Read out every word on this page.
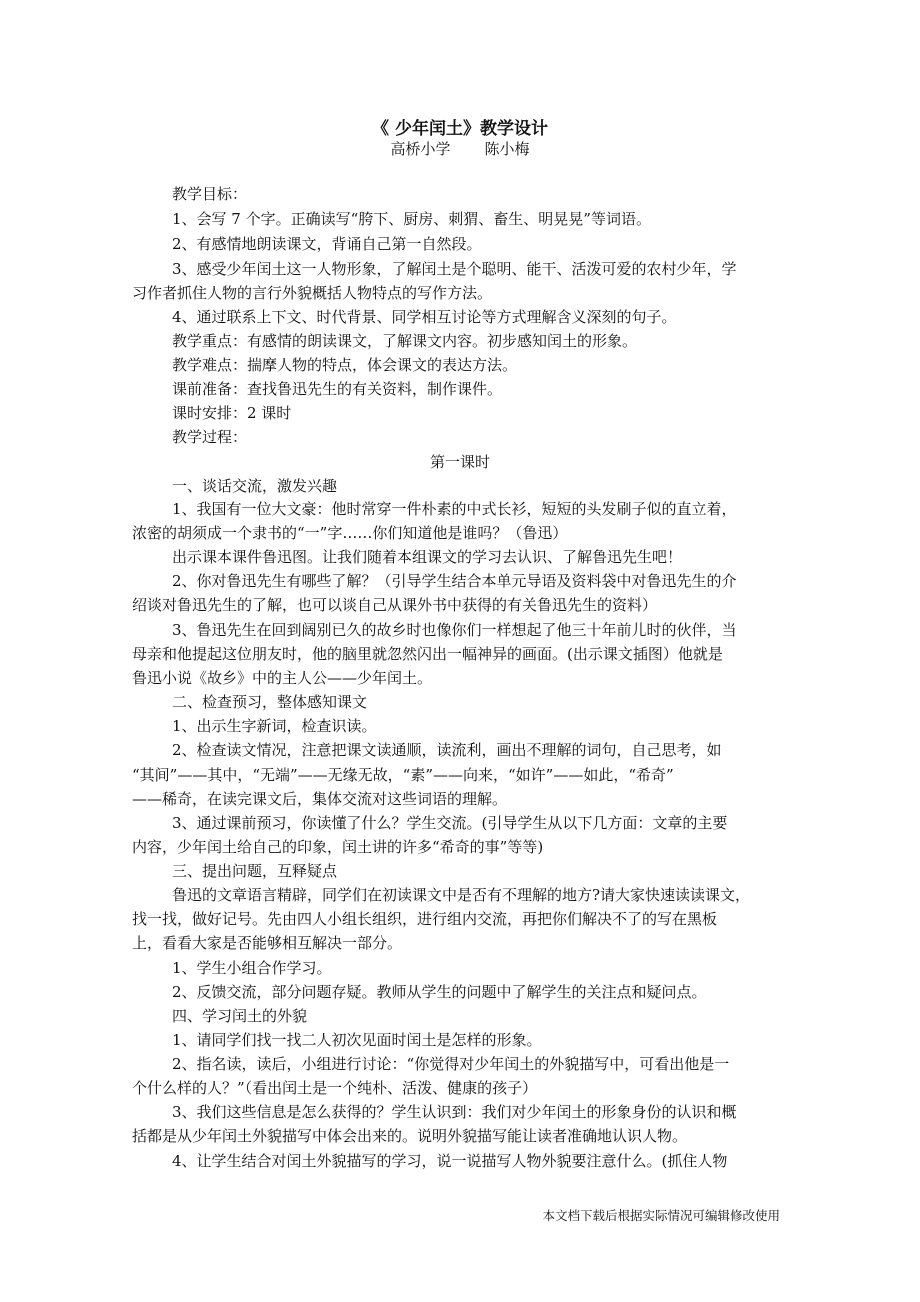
《 少年闰土》教学设计
高桥小学 陈小梅
教学目标：
1、会写 7 个字。正确读写“胯下、厨房、刺猬、畜生、明晃晃”等词语。
2、有感情地朗读课文，背诵自己第一自然段。
3、感受少年闰土这一人物形象，了解闰土是个聪明、能干、活泼可爱的农村少年，学
习作者抓住人物的言行外貌概括人物特点的写作方法。
4、通过联系上下文、时代背景、同学相互讨论等方式理解含义深刻的句子。
教学重点：有感情的朗读课文，了解课文内容。初步感知闰土的形象。
教学难点：揣摩人物的特点，体会课文的表达方法。
课前准备：查找鲁迅先生的有关资料，制作课件。
课时安排：2 课时
教学过程：
第一课时
一、谈话交流，激发兴趣
1、我国有一位大文豪：他时常穿一件朴素的中式长衫，短短的头发刷子似的直立着，
浓密的胡须成一个隶书的“一”字……你们知道他是谁吗？（鲁迅）
出示课本课件鲁迅图。让我们随着本组课文的学习去认识、了解鲁迅先生吧！
2、你对鲁迅先生有哪些了解？（引导学生结合本单元导语及资料袋中对鲁迅先生的介
绍谈对鲁迅先生的了解，也可以谈自己从课外书中获得的有关鲁迅先生的资料）
3、鲁迅先生在回到阔别已久的故乡时也像你们一样想起了他三十年前儿时的伙伴，当
母亲和他提起这位朋友时，他的脑里就忽然闪出一幅神异的画面。(出示课文插图）他就是
鲁迅小说《故乡》中的主人公——少年闰土。
二、检查预习，整体感知课文
1、出示生字新词，检查识读。
2、检查读文情况，注意把课文读通顺，读流利，画出不理解的词句，自己思考，如
“其间”——其中，“无端”——无缘无故，“素”——向来，“如许”——如此，“希奇”
——稀奇，在读完课文后，集体交流对这些词语的理解。
3、通过课前预习，你读懂了什么？学生交流。(引导学生从以下几方面：文章的主要
内容，少年闰土给自己的印象，闰土讲的许多“希奇的事”等等)
三、提出问题，互释疑点
鲁迅的文章语言精辟，同学们在初读课文中是否有不理解的地方?请大家快速读读课文，
找一找，做好记号。先由四人小组长组织，进行组内交流，再把你们解决不了的写在黑板
上，看看大家是否能够相互解决一部分。
1、学生小组合作学习。
2、反馈交流，部分问题存疑。教师从学生的问题中了解学生的关注点和疑问点。
四、学习闰土的外貌
1、请同学们找一找二人初次见面时闰土是怎样的形象。
2、指名读，读后，小组进行讨论：“你觉得对少年闰土的外貌描写中，可看出他是一
个什么样的人？”（看出闰土是一个纯朴、活泼、健康的孩子）
3、我们这些信息是怎么获得的？学生认识到：我们对少年闰土的形象身份的认识和概
括都是从少年闰土外貌描写中体会出来的。说明外貌描写能让读者准确地认识人物。
4、让学生结合对闰土外貌描写的学习，说一说描写人物外貌要注意什么。(抓住人物
本文档下载后根据实际情况可编辑修改使用
